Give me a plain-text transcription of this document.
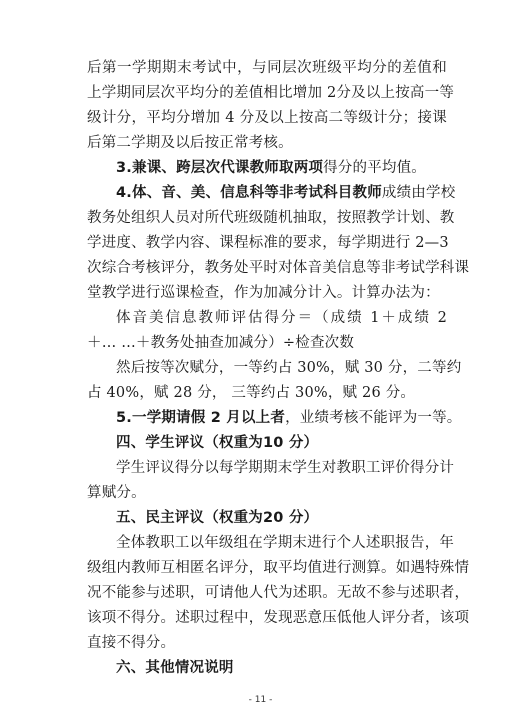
后第一学期期末考试中，与同层次班级平均分的差值和
上学期同层次平均分的差值相比增加 2分及以上按高一等
级计分，平均分增加 4 分及以上按高二等级计分；接课
后第二学期及以后按正常考核。
3.兼课、跨层次代课教师取两项得分的平均值。
4.体、音、美、信息科等非考试科目教师成绩由学校
教务处组织人员对所代班级随机抽取，按照教学计划、教
学进度、教学内容、课程标准的要求，每学期进行 2—3
次综合考核评分，教务处平时对体音美信息等非考试学科课
堂教学进行巡课检查，作为加减分计入。计算办法为：
体音美信息教师评估得分＝（成绩 1＋成绩 2
＋… …＋教务处抽查加减分）÷检查次数
然后按等次赋分，一等约占 30%，赋 30 分，二等约
占 40%，赋 28 分， 三等约占 30%，赋 26 分。
5.一学期请假 2 月以上者，业绩考核不能评为一等。
四、学生评议（权重为10 分）
学生评议得分以每学期期末学生对教职工评价得分计
算赋分。
五、民主评议（权重为20 分）
全体教职工以年级组在学期末进行个人述职报告，年
级组内教师互相匿名评分，取平均值进行测算。如遇特殊情
况不能参与述职，可请他人代为述职。无故不参与述职者，
该项不得分。述职过程中，发现恶意压低他人评分者，该项
直接不得分。
六、其他情况说明
- 11 -
